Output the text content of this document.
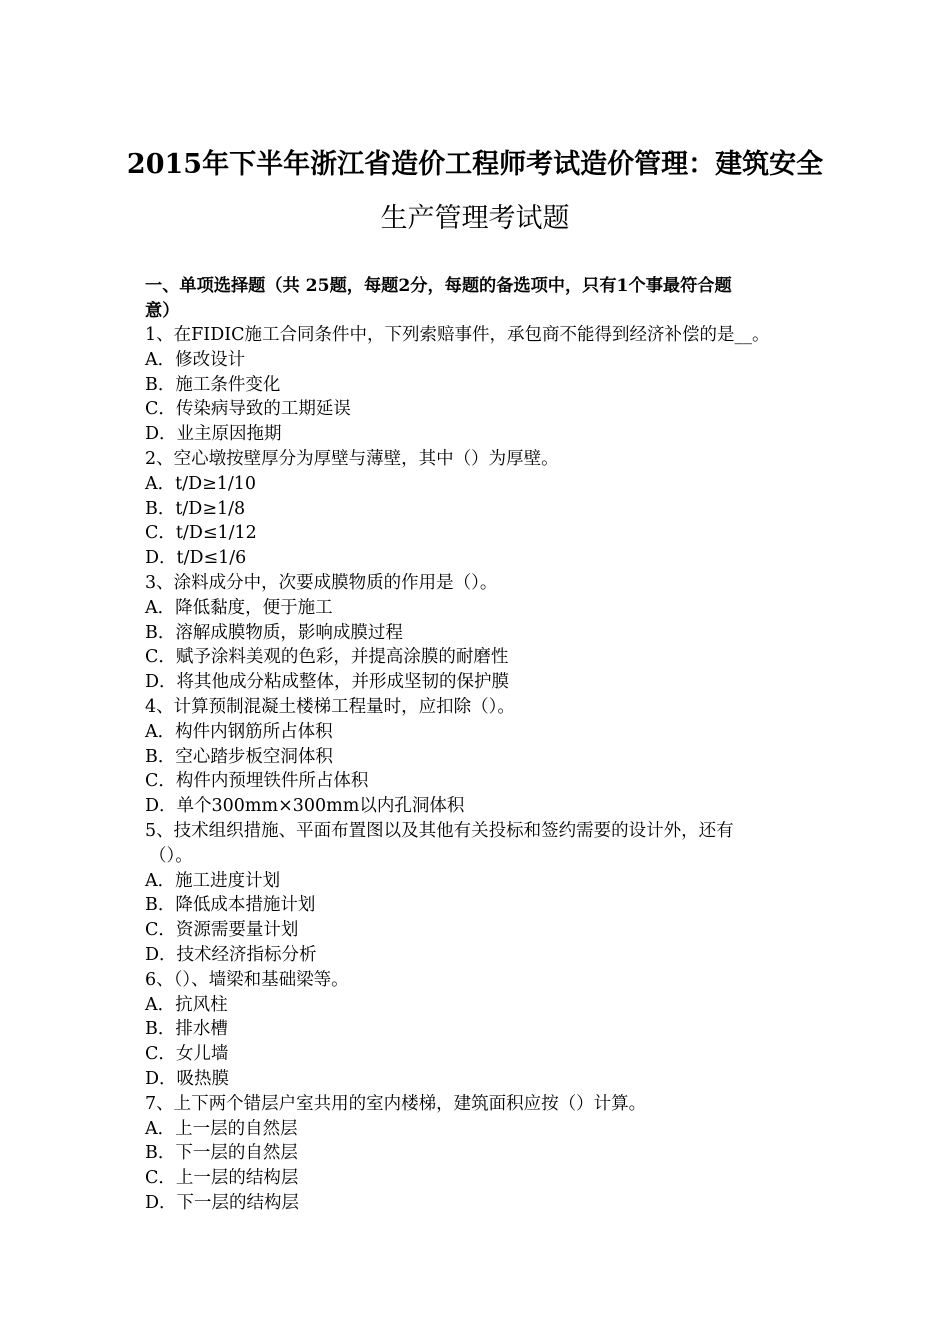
2015年下半年浙江省造价工程师考试造价管理：建筑安全
生产管理考试题
一、单项选择题（共 25题，每题2分，每题的备选项中，只有1个事最符合题
意）
1、在FIDIC施工合同条件中，下列索赔事件，承包商不能得到经济补偿的是__。
A．修改设计
B．施工条件变化
C．传染病导致的工期延误
D．业主原因拖期
2、空心墩按壁厚分为厚壁与薄壁，其中（）为厚壁。
A．t/D≥1/10
B．t/D≥1/8
C．t/D≤1/12
D．t/D≤1/6
3、涂料成分中，次要成膜物质的作用是（）。
A．降低黏度，便于施工
B．溶解成膜物质，影响成膜过程
C．赋予涂料美观的色彩，并提高涂膜的耐磨性
D．将其他成分粘成整体，并形成坚韧的保护膜
4、计算预制混凝土楼梯工程量时，应扣除（）。
A．构件内钢筋所占体积
B．空心踏步板空洞体积
C．构件内预埋铁件所占体积
D．单个300mm×300mm以内孔洞体积
5、技术组织措施、平面布置图以及其他有关投标和签约需要的设计外，还有
（）。
A．施工进度计划
B．降低成本措施计划
C．资源需要量计划
D．技术经济指标分析
6、（）、墙梁和基础梁等。
A．抗风柱
B．排水槽
C．女儿墙
D．吸热膜
7、上下两个错层户室共用的室内楼梯，建筑面积应按（）计算。
A．上一层的自然层
B．下一层的自然层
C．上一层的结构层
D．下一层的结构层
